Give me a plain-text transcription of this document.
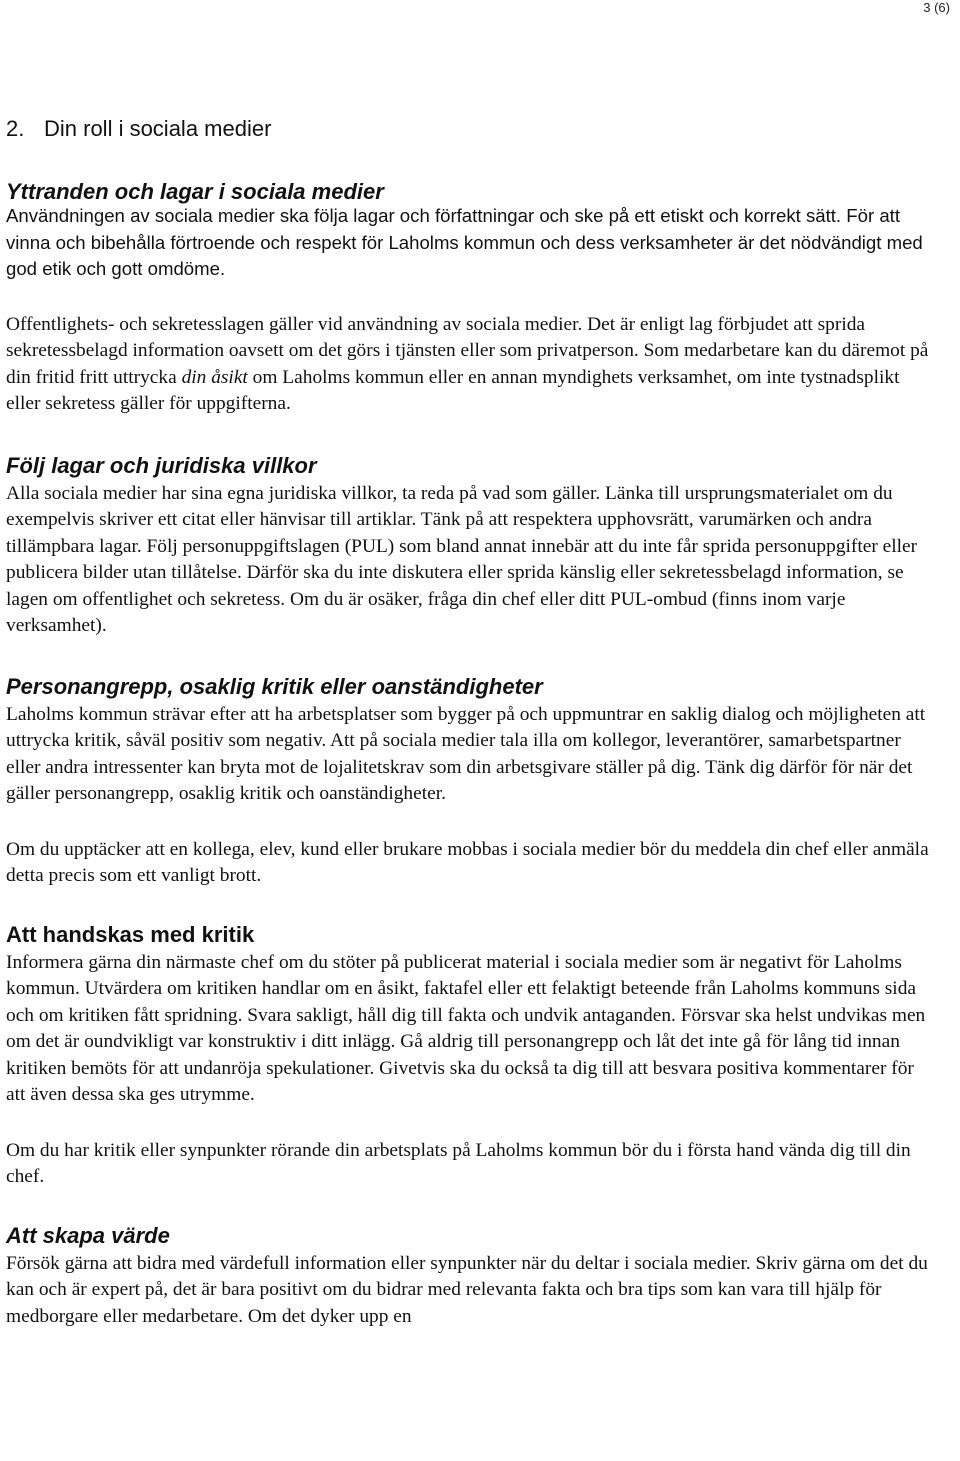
3 (6)
2. Din roll i sociala medier
Yttranden och lagar i sociala medier

Användningen av sociala medier ska följa lagar och författningar och ske på ett etiskt och korrekt sätt. För att vinna och bibehålla förtroende och respekt för Laholms kommun och dess verksamheter är det nödvändigt med god etik och gott omdöme.

Offentlighets- och sekretesslagen gäller vid användning av sociala medier. Det är enligt lag förbjudet att sprida sekretessbelagd information oavsett om det görs i tjänsten eller som privatperson. Som medarbetare kan du däremot på din fritid fritt uttrycka din åsikt om Laholms kommun eller en annan myndighets verksamhet, om inte tystnadsplikt eller sekretess gäller för uppgifterna.

Följ lagar och juridiska villkor

Alla sociala medier har sina egna juridiska villkor, ta reda på vad som gäller. Länka till ursprungsmaterialet om du exempelvis skriver ett citat eller hänvisar till artiklar. Tänk på att respektera upphovsrätt, varumärken och andra tillämpbara lagar. Följ personuppgiftslagen (PUL) som bland annat innebär att du inte får sprida personuppgifter eller publicera bilder utan tillåtelse. Därför ska du inte diskutera eller sprida känslig eller sekretessbelagd information, se lagen om offentlighet och sekretess. Om du är osäker, fråga din chef eller ditt PUL-ombud (finns inom varje verksamhet).

Personangrepp, osaklig kritik eller oanständigheter

Laholms kommun strävar efter att ha arbetsplatser som bygger på och uppmuntrar en saklig dialog och möjligheten att uttrycka kritik, såväl positiv som negativ. Att på sociala medier tala illa om kollegor, leverantörer, samarbetspartner eller andra intressenter kan bryta mot de lojalitetskrav som din arbetsgivare ställer på dig. Tänk dig därför för när det gäller personangrepp, osaklig kritik och oanständigheter.

Om du upptäcker att en kollega, elev, kund eller brukare mobbas i sociala medier bör du meddela din chef eller anmäla detta precis som ett vanligt brott.

Att handskas med kritik

Informera gärna din närmaste chef om du stöter på publicerat material i sociala medier som är negativt för Laholms kommun. Utvärdera om kritiken handlar om en åsikt, faktafel eller ett felaktigt beteende från Laholms kommuns sida och om kritiken fått spridning. Svara sakligt, håll dig till fakta och undvik antaganden. Försvar ska helst undvikas men om det är oundvikligt var konstruktiv i ditt inlägg. Gå aldrig till personangrepp och låt det inte gå för lång tid innan kritiken bemöts för att undanröja spekulationer. Givetvis ska du också ta dig till att besvara positiva kommentarer för att även dessa ska ges utrymme.

Om du har kritik eller synpunkter rörande din arbetsplats på Laholms kommun bör du i första hand vända dig till din chef.

Att skapa värde

Försök gärna att bidra med värdefull information eller synpunkter när du deltar i sociala medier. Skriv gärna om det du kan och är expert på, det är bara positivt om du bidrar med relevanta fakta och bra tips som kan vara till hjälp för medborgare eller medarbetare. Om det dyker upp en
